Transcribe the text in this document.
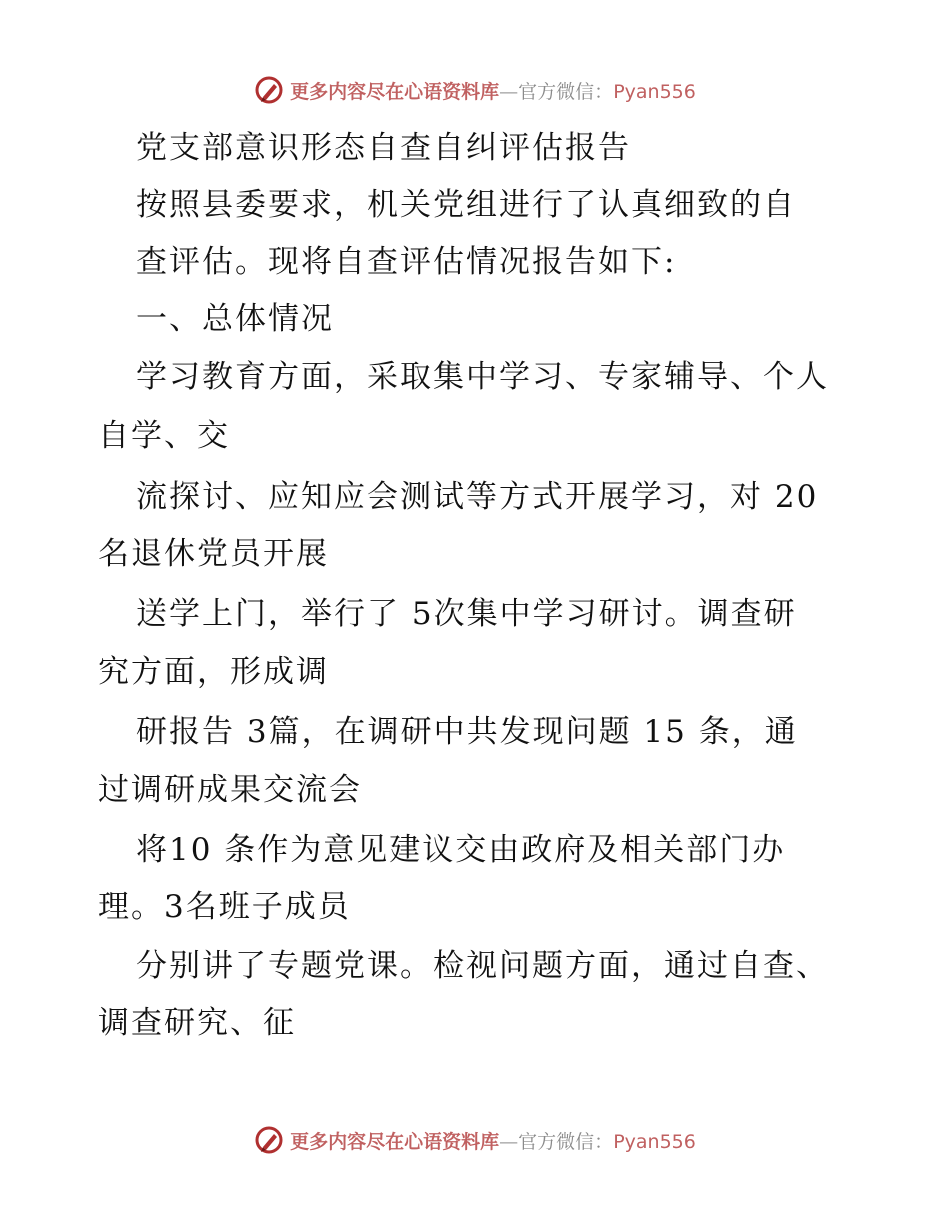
更多内容尽在心语资料库—官方微信：Pyan556
党支部意识形态自查自纠评估报告
按照县委要求，机关党组进行了认真细致的自
查评估。现将自查评估情况报告如下:
一、总体情况
学习教育方面，采取集中学习、专家辅导、个人
自学、交
流探讨、应知应会测试等方式开展学习，对 20
名退休党员开展
送学上门，举行了 5次集中学习研讨。调查研
究方面，形成调
研报告 3篇，在调研中共发现问题 15 条，通
过调研成果交流会
将10 条作为意见建议交由政府及相关部门办
理。3名班子成员
分别讲了专题党课。检视问题方面，通过自查、
调查研究、征
更多内容尽在心语资料库—官方微信：Pyan556
